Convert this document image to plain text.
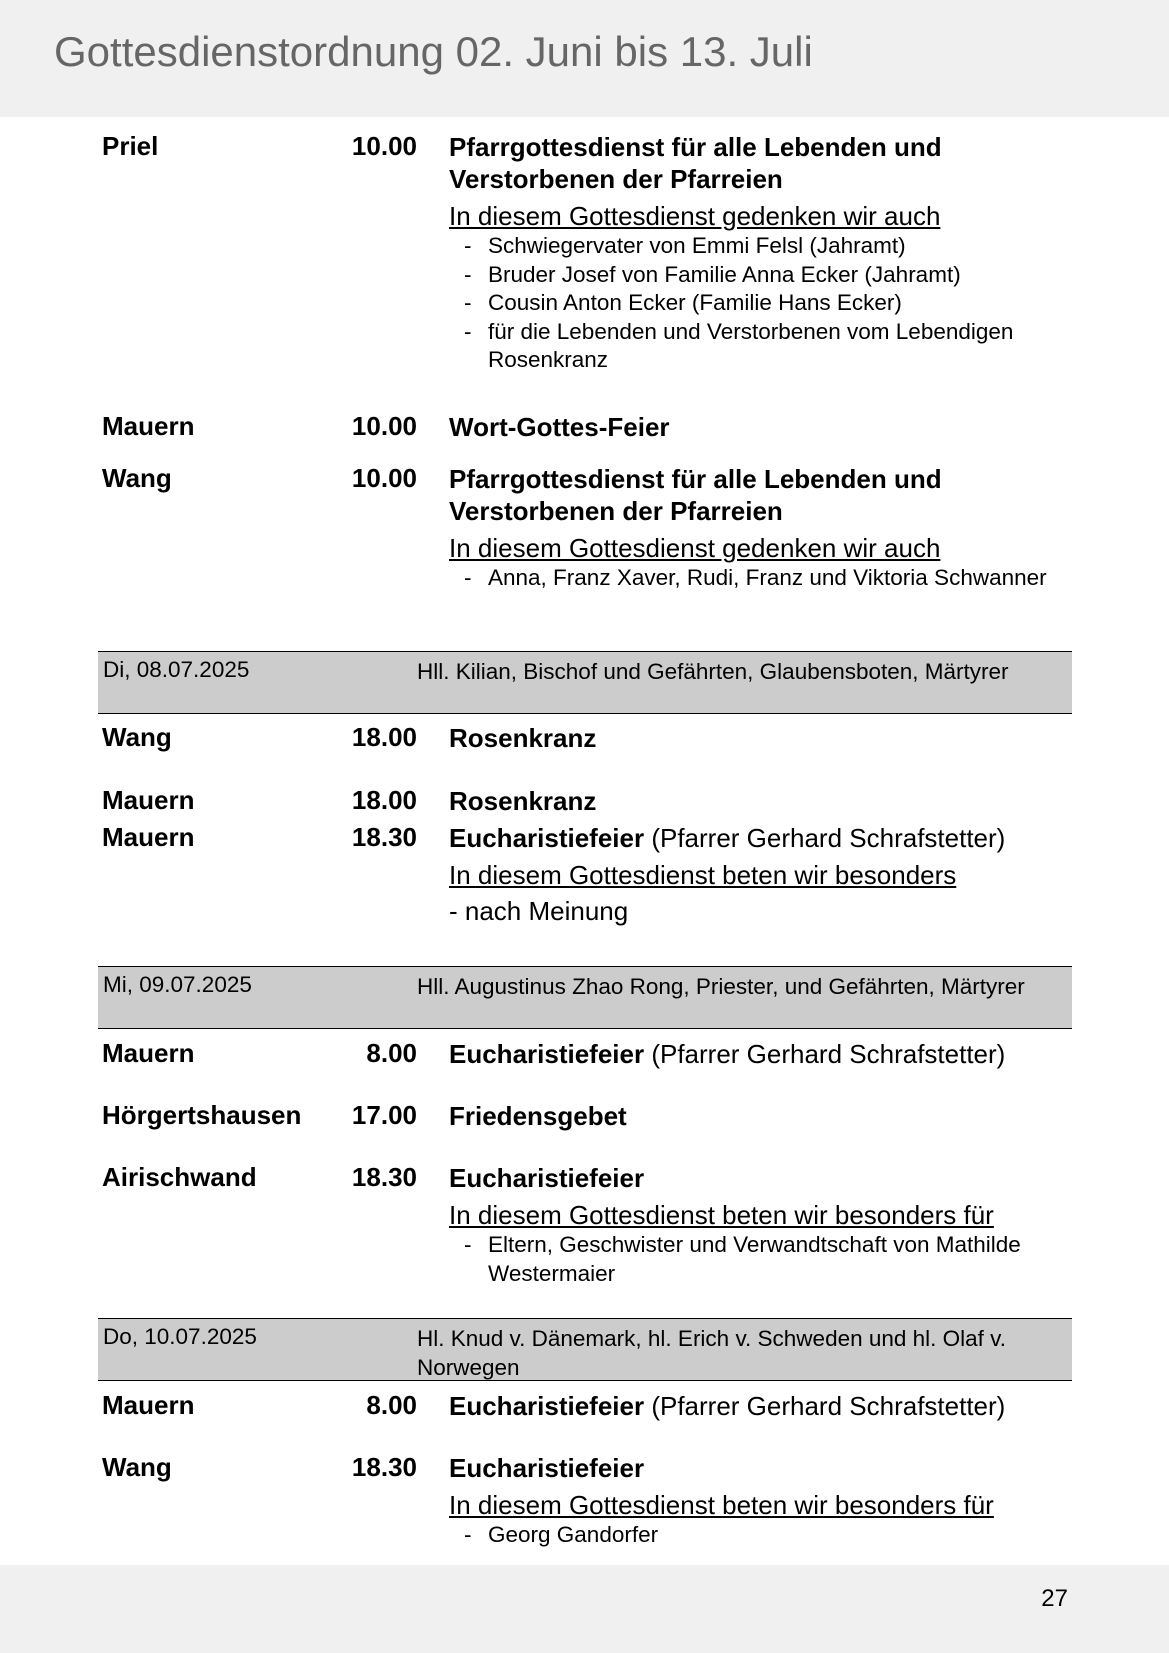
Gottesdienstordnung 02. Juni bis 13. Juli
Priel	10.00 Pfarrgottesdienst für alle Lebenden und Verstorbenen der Pfarreien
In diesem Gottesdienst gedenken wir auch
- Schwiegervater von Emmi Felsl (Jahramt)
- Bruder Josef von Familie Anna Ecker (Jahramt)
- Cousin Anton Ecker (Familie Hans Ecker)
- für die Lebenden und Verstorbenen vom Lebendigen Rosenkranz
Mauern	10.00 Wort-Gottes-Feier
Wang	10.00 Pfarrgottesdienst für alle Lebenden und Verstorbenen der Pfarreien
In diesem Gottesdienst gedenken wir auch
- Anna, Franz Xaver, Rudi, Franz und Viktoria Schwanner
Di, 08.07.2025	Hll. Kilian, Bischof und Gefährten, Glaubensboten, Märtyrer
Wang	18.00 Rosenkranz
Mauern	18.00 Rosenkranz
Mauern	18.30 Eucharistiefeier (Pfarrer Gerhard Schrafstetter)
In diesem Gottesdienst beten wir besonders
- nach Meinung
Mi, 09.07.2025	Hll. Augustinus Zhao Rong, Priester, und Gefährten, Märtyrer
Mauern	8.00 Eucharistiefeier (Pfarrer Gerhard Schrafstetter)
Hörgertshausen	17.00 Friedensgebet
Airischwand	18.30 Eucharistiefeier
In diesem Gottesdienst beten wir besonders für
- Eltern, Geschwister und Verwandtschaft von Mathilde Westermaier
Do, 10.07.2025	Hl. Knud v. Dänemark, hl. Erich v. Schweden und hl. Olaf v. Norwegen
Mauern	8.00 Eucharistiefeier (Pfarrer Gerhard Schrafstetter)
Wang	18.30 Eucharistiefeier
In diesem Gottesdienst beten wir besonders für
- Georg Gandorfer
27
